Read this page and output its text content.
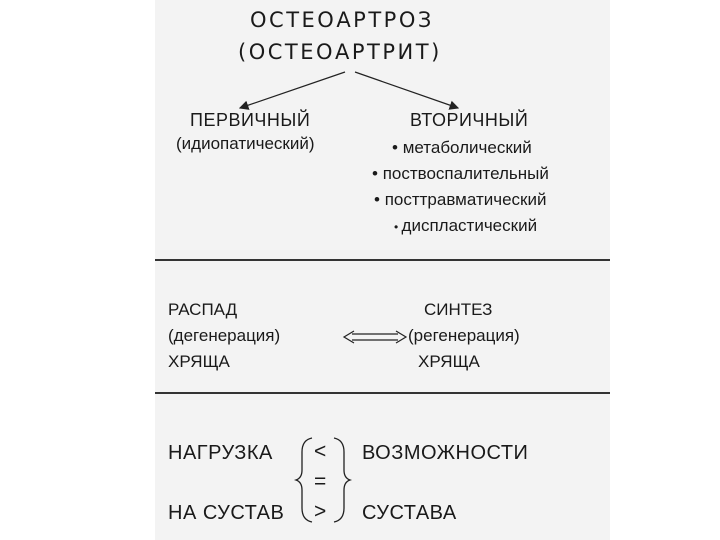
ОСТЕОАРТРОЗ
(ОСТЕОАРТРИТ)
ПЕРВИЧНЫЙ
(идиопатический)
ВТОРИЧНЫЙ
• метаболический
• поствоспалительный
• посттравматический
• диспластический
РАСПАД
(дегенерация)
ХРЯЩА
СИНТЕЗ
(регенерация)
ХРЯЩА
НАГРУЗКА
НА СУСТАВ
ВОЗМОЖНОСТИ
СУСТАВА
<
=
>
